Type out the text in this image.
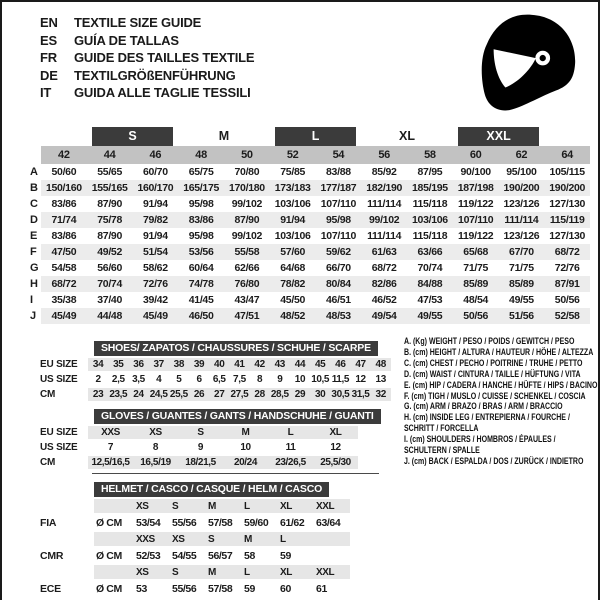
EN	TEXTILE SIZE GUIDE
ES	GUÍA DE TALLAS
FR	GUIDE DES TAILLES TEXTILE
DE	TEXTILGRÖßENFÜHRUNG
IT	GUIDA ALLE TAGLIE TESSILI

		S		M		L		XL		XXL		

	42	44	46	48	50	52	54	56	58	60	62	64
A	50/60	55/65	60/70	65/75	70/80	75/85	83/88	85/92	87/95	90/100	95/100	105/115
B	150/160	155/165	160/170	165/175	170/180	173/183	177/187	182/190	185/195	187/198	190/200	190/200
C	83/86	87/90	91/94	95/98	99/102	103/106	107/110	111/114	115/118	119/122	123/126	127/130
D	71/74	75/78	79/82	83/86	87/90	91/94	95/98	99/102	103/106	107/110	111/114	115/119
E	83/86	87/90	91/94	95/98	99/102	103/106	107/110	111/114	115/118	119/122	123/126	127/130
F	47/50	49/52	51/54	53/56	55/58	57/60	59/62	61/63	63/66	65/68	67/70	68/72
G	54/58	56/60	58/62	60/64	62/66	64/68	66/70	68/72	70/74	71/75	71/75	72/76
H	68/72	70/74	72/76	74/78	76/80	78/82	80/84	82/86	84/88	85/89	85/89	87/91
I	35/38	37/40	39/42	41/45	43/47	45/50	46/51	46/52	47/53	48/54	49/55	50/56
J	45/49	44/48	45/49	46/50	47/51	48/52	48/53	49/54	49/55	50/56	51/56	52/58
SHOES/ ZAPATOS / CHAUSSURES / SCHUHE / SCARPE
EU SIZE	34	35	36	37	38	39	40	41	42	43	44	45	46	47	48
US SIZE	2	2,5	3,5	4	5	6	6,5	7,5	8	9	10	10,5	11,5	12	13
CM	23	23,5	24	24,5	25,5	26	27	27,5	28	28,5	29	30	30,5	31,5	32
GLOVES / GUANTES / GANTS / HANDSCHUHE / GUANTI
EU SIZE	XXS	XS	S	M	L	XL
US SIZE	7	8	9	10	11	12
CM	12,5/16,5	16,5/19	18/21,5	20/24	23/26,5	25,5/30
HELMET / CASCO / CASQUE / HELM / CASCO
		XS	S	M	L	XL	XXL
FIA	Ø CM	53/54	55/56	57/58	59/60	61/62	63/64
		XXS	XS	S	M	L	
CMR	Ø CM	52/53	54/55	56/57	58	59	
		XS	S	M	L	XL	XXL
ECE	Ø CM	53	55/56	57/58	59	60	61
A. (Kg) WEIGHT / PESO / POIDS / GEWITCH / PESO
B. (cm) HEIGHT / ALTURA / HAUTEUR / HÖHE / ALTEZZA
C. (cm) CHEST / PECHO / POITRINE / TRUHE / PETTO
D. (cm) WAIST / CINTURA / TAILLE / HÜFTUNG / VITA
E. (cm) HIP / CADERA / HANCHE / HÜFTE / HIPS / BACINO
F. (cm) TIGH / MUSLO / CUISSE / SCHENKEL / COSCIA
G. (cm) ARM / BRAZO / BRAS / ARM / BRACCIO
H. (cm) INSIDE LEG / ENTREPIERNA / FOURCHE /
SCHRITT / FORCELLA
I. (cm) SHOULDERS / HOMBROS / ÉPAULES /
SCHULTERN / SPALLE
J. (cm) BACK / ESPALDA / DOS / ZURÜCK / INDIETRO
